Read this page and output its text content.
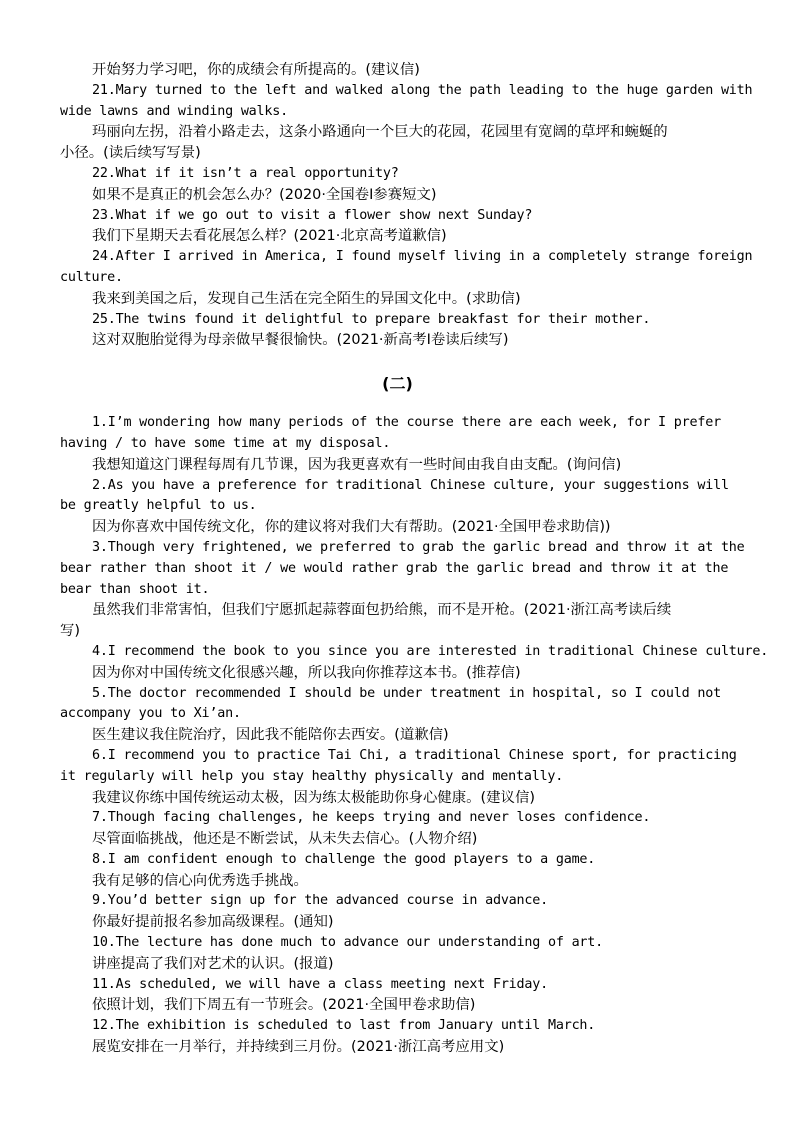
开始努力学习吧，你的成绩会有所提高的。(建议信)
21.Mary turned to the left and walked along the path leading to the huge garden with
wide lawns and winding walks.
玛丽向左拐，沿着小路走去，这条小路通向一个巨大的花园，花园里有宽阔的草坪和蜿蜒的
小径。(读后续写写景)
22.What if it isn’t a real opportunity?
如果不是真正的机会怎么办？(2020·全国卷Ⅰ参赛短文)
23.What if we go out to visit a flower show next Sunday?
我们下星期天去看花展怎么样？(2021·北京高考道歉信)
24.After I arrived in America, I found myself living in a completely strange foreign
culture.
我来到美国之后，发现自己生活在完全陌生的异国文化中。(求助信)
25.The twins found it delightful to prepare breakfast for their mother.
这对双胞胎觉得为母亲做早餐很愉快。(2021·新高考Ⅰ卷读后续写)
(二)
1.I’m wondering how many periods of the course there are each week, for I prefer
having / to have some time at my disposal.
我想知道这门课程每周有几节课，因为我更喜欢有一些时间由我自由支配。(询问信)
2.As you have a preference for traditional Chinese culture, your suggestions will
be greatly helpful to us.
因为你喜欢中国传统文化，你的建议将对我们大有帮助。(2021·全国甲卷求助信))
3.Though very frightened, we preferred to grab the garlic bread and throw it at the
bear rather than shoot it / we would rather grab the garlic bread and throw it at the
bear than shoot it.
虽然我们非常害怕，但我们宁愿抓起蒜蓉面包扔给熊，而不是开枪。(2021·浙江高考读后续
写)
4.I recommend the book to you since you are interested in traditional Chinese culture.
因为你对中国传统文化很感兴趣，所以我向你推荐这本书。(推荐信)
5.The doctor recommended I should be under treatment in hospital, so I could not
accompany you to Xi’an.
医生建议我住院治疗，因此我不能陪你去西安。(道歉信)
6.I recommend you to practice Tai Chi, a traditional Chinese sport, for practicing
it regularly will help you stay healthy physically and mentally.
我建议你练中国传统运动太极，因为练太极能助你身心健康。(建议信)
7.Though facing challenges, he keeps trying and never loses confidence.
尽管面临挑战，他还是不断尝试，从未失去信心。(人物介绍)
8.I am confident enough to challenge the good players to a game.
我有足够的信心向优秀选手挑战。
9.You’d better sign up for the advanced course in advance.
你最好提前报名参加高级课程。(通知)
10.The lecture has done much to advance our understanding of art.
讲座提高了我们对艺术的认识。(报道)
11.As scheduled, we will have a class meeting next Friday.
依照计划，我们下周五有一节班会。(2021·全国甲卷求助信)
12.The exhibition is scheduled to last from January until March.
展览安排在一月举行，并持续到三月份。(2021·浙江高考应用文)
